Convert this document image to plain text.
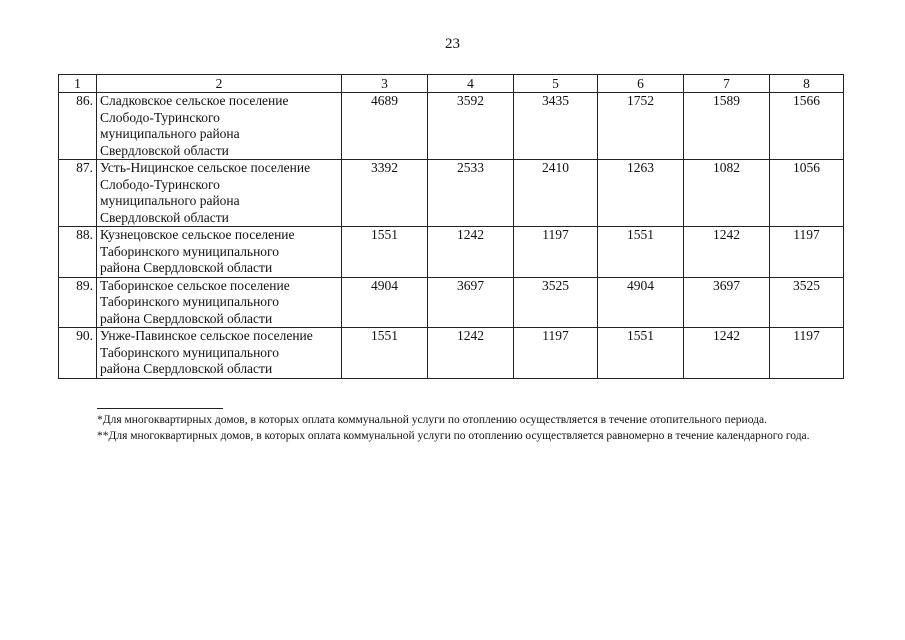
23
1	2	3	4	5	6	7	8
86.	Сладковское сельское поселение
Слободо-Туринского
муниципального района
Свердловской области	4689	3592	3435	1752	1589	1566
87.	Усть-Ницинское сельское поселение
Слободо-Туринского
муниципального района
Свердловской области	3392	2533	2410	1263	1082	1056
88.	Кузнецовское сельское поселение
Таборинского муниципального
района Свердловской области	1551	1242	1197	1551	1242	1197
89.	Таборинское сельское поселение
Таборинского муниципального
района Свердловской области	4904	3697	3525	4904	3697	3525
90.	Унже-Павинское сельское поселение
Таборинского муниципального
района Свердловской области	1551	1242	1197	1551	1242	1197
*Для многоквартирных домов, в которых оплата коммунальной услуги по отоплению осуществляется в течение отопительного периода.
**Для многоквартирных домов, в которых оплата коммунальной услуги по отоплению осуществляется равномерно в течение календарного года.
